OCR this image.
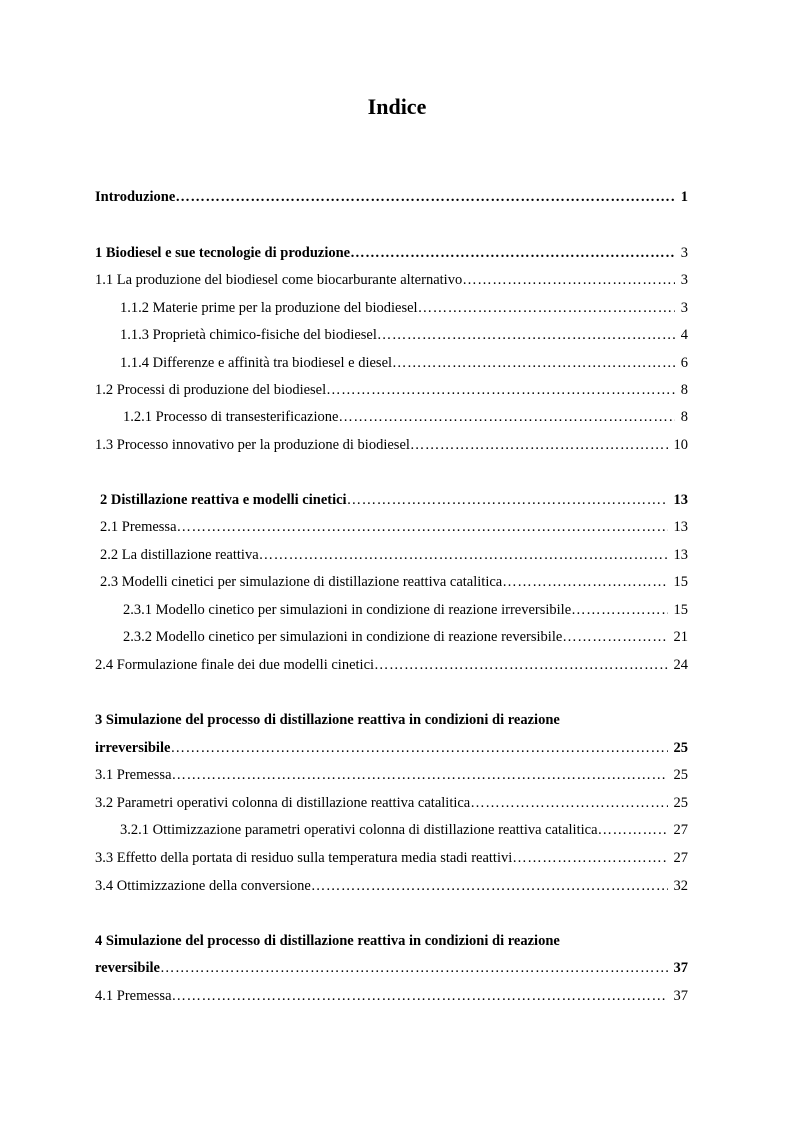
Indice
Introduzione ……………………………………………………………………………………………………………………………………………………………………………………………………………………………………………	1
1 Biodiesel e sue tecnologie di produzione ……………………………………………………………………………………………………………………………………………………………………………………………………………………………………………	3
1.1 La produzione del biodiesel come biocarburante alternativo ……………………………………………………………………………………………………………………………………………………………………………………………………………………………………………	3
1.1.2 Materie prime per la produzione del biodiesel ……………………………………………………………………………………………………………………………………………………………………………………………………………………………………………	3
1.1.3 Proprietà chimico-fisiche del biodiesel ……………………………………………………………………………………………………………………………………………………………………………………………………………………………………………	4
1.1.4 Differenze e affinità tra biodiesel e diesel ……………………………………………………………………………………………………………………………………………………………………………………………………………………………………………	6
1.2 Processi di produzione del biodiesel ……………………………………………………………………………………………………………………………………………………………………………………………………………………………………………	8
1.2.1 Processo di transesterificazione ……………………………………………………………………………………………………………………………………………………………………………………………………………………………………………	8
1.3 Processo innovativo per la produzione di biodiesel ……………………………………………………………………………………………………………………………………………………………………………………………………………………………………………	10
2 Distillazione reattiva e modelli cinetici ……………………………………………………………………………………………………………………………………………………………………………………………………………………………………………	13
2.1 Premessa ……………………………………………………………………………………………………………………………………………………………………………………………………………………………………………	13
2.2 La distillazione reattiva ……………………………………………………………………………………………………………………………………………………………………………………………………………………………………………	13
2.3 Modelli cinetici per simulazione di distillazione reattiva catalitica ……………………………………………………………………………………………………………………………………………………………………………………………………………………………………………	15
2.3.1 Modello cinetico per simulazioni in condizione di reazione irreversibile ……………………………………………………………………………………………………………………………………………………………………………………………………………………………………………	15
2.3.2 Modello cinetico per simulazioni in condizione di reazione reversibile ……………………………………………………………………………………………………………………………………………………………………………………………………………………………………………	21
2.4 Formulazione finale dei due modelli cinetici ……………………………………………………………………………………………………………………………………………………………………………………………………………………………………………	24
3 Simulazione del processo di distillazione reattiva in condizioni di reazione
irreversibile ……………………………………………………………………………………………………………………………………………………………………………………………………………………………………………	25
3.1 Premessa ……………………………………………………………………………………………………………………………………………………………………………………………………………………………………………	25
3.2 Parametri operativi colonna di distillazione reattiva catalitica ……………………………………………………………………………………………………………………………………………………………………………………………………………………………………………	25
3.2.1 Ottimizzazione parametri operativi colonna di distillazione reattiva catalitica ……………………………………………………………………………………………………………………………………………………………………………………………………………………………………………	27
3.3 Effetto della portata di residuo sulla temperatura media stadi reattivi ……………………………………………………………………………………………………………………………………………………………………………………………………………………………………………	27
3.4 Ottimizzazione della conversione ……………………………………………………………………………………………………………………………………………………………………………………………………………………………………………	32
4 Simulazione del processo di distillazione reattiva in condizioni di reazione
reversibile ……………………………………………………………………………………………………………………………………………………………………………………………………………………………………………	37
4.1 Premessa ……………………………………………………………………………………………………………………………………………………………………………………………………………………………………………	37
